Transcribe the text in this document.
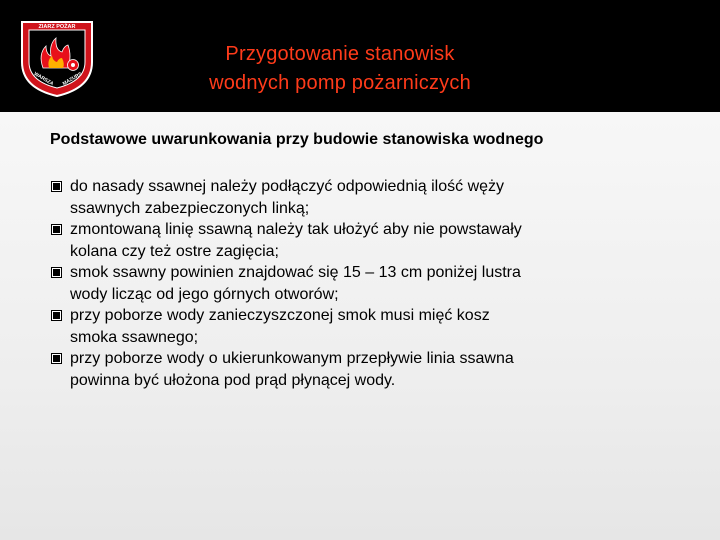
ZIARZ POŻAR
WARSZA MAZURS
Przygotowanie stanowisk
wodnych pomp pożarniczych
Podstawowe uwarunkowania przy budowie stanowiska wodnego
do nasady ssawnej należy podłączyć odpowiednią ilość węży
ssawnych zabezpieczonych linką;
zmontowaną linię ssawną należy tak ułożyć aby nie powstawały
kolana czy też ostre zagięcia;
smok ssawny powinien znajdować się 15 – 13 cm poniżej lustra
wody licząc od jego górnych otworów;
przy poborze wody zanieczyszczonej smok musi mięć kosz
smoka ssawnego;
przy poborze wody o ukierunkowanym przepływie linia ssawna
powinna być ułożona pod prąd płynącej wody.
